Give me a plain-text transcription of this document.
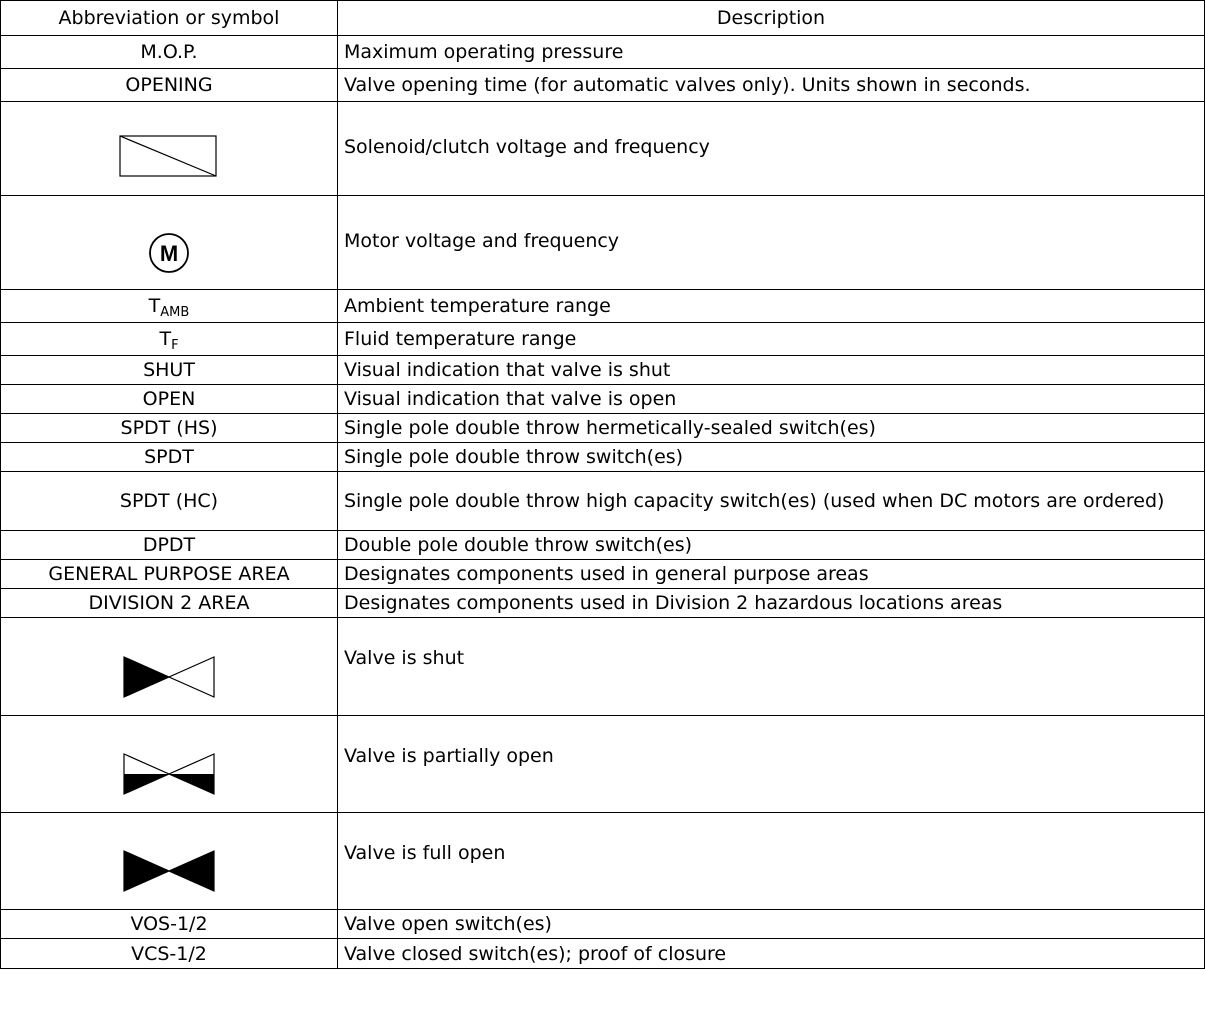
Abbreviation or symbol	Description
M.O.P.	Maximum operating pressure
OPENING	Valve opening time (for automatic valves only). Units shown in seconds.

	Solenoid/clutch voltage and frequency

M	Motor voltage and frequency
$T_{AMB}$	Ambient temperature range
$T_F$	Fluid temperature range
SHUT	Visual indication that valve is shut
OPEN	Visual indication that valve is open
SPDT (HS)	Single pole double throw hermetically-sealed switch(es)
SPDT	Single pole double throw switch(es)
SPDT (HC)	Single pole double throw high capacity switch(es) (used when DC motors are ordered)
DPDT	Double pole double throw switch(es)
GENERAL PURPOSE AREA	Designates components used in general purpose areas
DIVISION 2 AREA	Designates components used in Division 2 hazardous locations areas

	Valve is shut

	Valve is partially open

	Valve is full open
VOS-1/2	Valve open switch(es)
VCS-1/2	Valve closed switch(es); proof of closure
